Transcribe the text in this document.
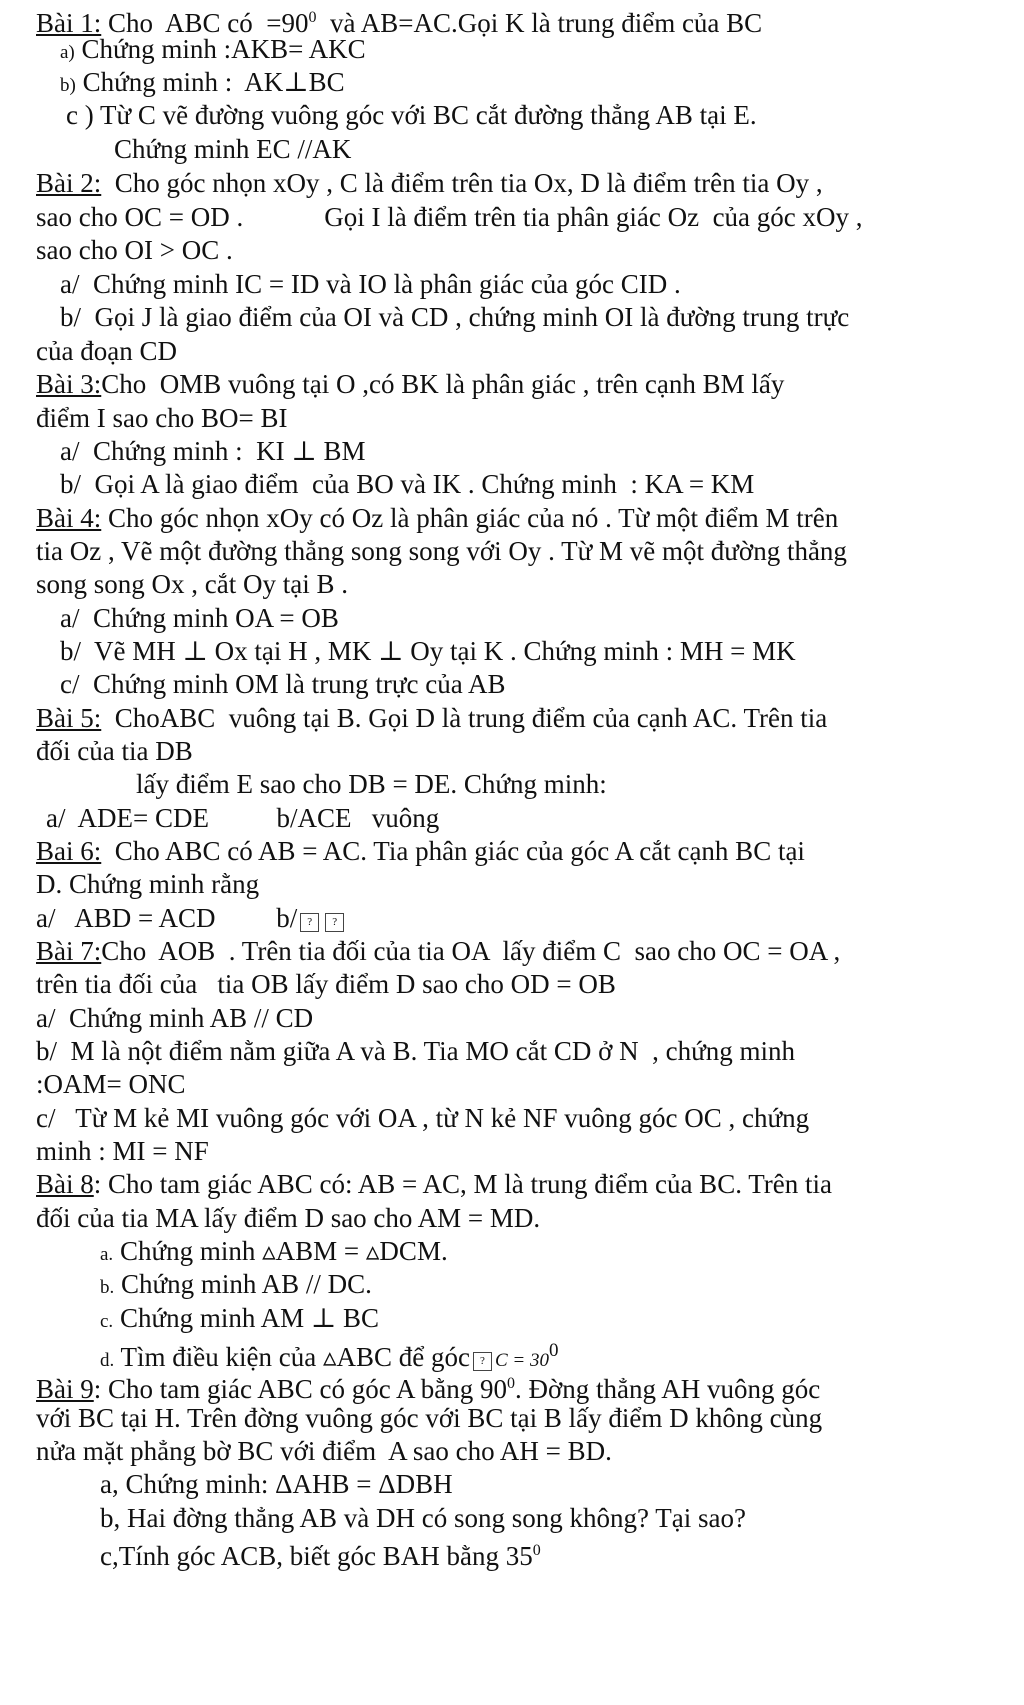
Bài 1: Cho  ABC có  $=90^0$  và AB=AC.Gọi K là trung điểm của BC
a) Chứng minh :AKB= AKC
b) Chứng minh :  AK⊥BC
c ) Từ C vẽ đường vuông góc với BC cắt đường thẳng AB tại E.
Chứng minh EC //AK
Bài 2:  Cho góc nhọn xOy , C là điểm trên tia Ox, D là điểm trên tia Oy ,
sao cho OC = OD .            Gọi I là điểm trên tia phân giác Oz  của góc xOy ,
sao cho OI > OC .
a/  Chứng minh IC = ID và IO là phân giác của góc CID .
b/  Gọi J là giao điểm của OI và CD , chứng minh OI là đường trung trực
của đoạn CD
Bài 3:Cho  OMB vuông tại O ,có BK là phân giác , trên cạnh BM lấy
điểm I sao cho BO= BI
a/  Chứng minh :  KI ⊥ BM
b/  Gọi A là giao điểm  của BO và IK . Chứng minh  : KA = KM
Bài 4: Cho góc nhọn xOy có Oz là phân giác của nó . Từ một điểm M trên
tia Oz , Vẽ một đường thẳng song song với Oy . Từ M vẽ một đường thẳng
song song Ox , cắt Oy tại B .
a/  Chứng minh OA = OB
b/  Vẽ MH ⊥ Ox tại H , MK ⊥ Oy tại K . Chứng minh : MH = MK
c/  Chứng minh OM là trung trực của AB
Bài 5:  ChoABC  vuông tại B. Gọi D là trung điểm của cạnh AC. Trên tia
đối của tia DB
lấy điểm E sao cho DB = DE. Chứng minh:
a/  ADE= CDE          b/ACE   vuông
Bai 6:  Cho ABC có AB = AC. Tia phân giác của góc A cắt cạnh BC tại
D. Chứng minh rằng
a/   ABD = ACD         b/ ? ?
Bài 7:Cho  AOB  . Trên tia đối của tia OA  lấy điểm C  sao cho OC = OA ,
trên tia đối của   tia OB lấy điểm D sao cho OD = OB
a/  Chứng minh AB // CD
b/  M là nột điểm nằm giữa A và B. Tia MO cắt CD ở N  , chứng minh
:OAM= ONC
c/   Từ M kẻ MI vuông góc với OA , từ N kẻ NF vuông góc OC , chứng
minh : MI = NF
Bài 8: Cho tam giác ABC có: AB = AC, M là trung điểm của BC. Trên tia
đối của tia MA lấy điểm D sao cho AM = MD.
a. Chứng minh ▵ABM = ▵DCM.
b. Chứng minh AB // DC.
c. Chứng minh AM ⊥ BC
d. Tìm điều kiện của ▵ABC để góc ? $C = 30^0$
Bài 9: Cho tam giác ABC có góc A bằng $90^0$. Đờng thẳng AH vuông góc
với BC tại H. Trên đờng vuông góc với BC tại B lấy điểm D không cùng
nửa mặt phẳng bờ BC với điểm  A sao cho AH = BD.
a, Chứng minh: ΔAHB = ΔDBH
b, Hai đờng thẳng AB và DH có song song không? Tại sao?
c,Tính góc ACB, biết góc BAH bằng $35^0$
